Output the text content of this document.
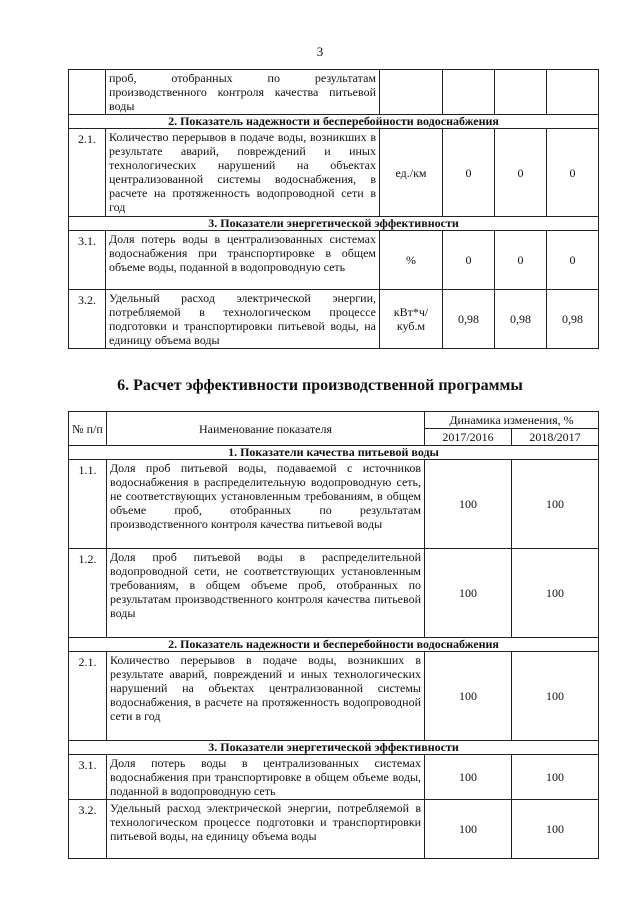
3
	проб, отобранных по результатам производственного контроля качества питьевой воды				
2. Показатель надежности и бесперебойности водоснабжения					
2.1.	Количество перерывов в подаче воды, возникших в результате аварий, повреждений и иных технологических нарушений на объектах централизованной системы водоснабжения, в расчете на протяженность водопроводной сети в год	ед./км	0	0	0
3. Показатели энергетической эффективности					
3.1.	Доля потерь воды в централизованных системах водоснабжения при транспортировке в общем объеме воды, поданной в водопроводную сеть	%	0	0	0
3.2.	Удельный расход электрической энергии, потребляемой в технологическом процессе подготовки и транспортировки питьевой воды, на единицу объема воды	кВт*ч/ куб.м	0,98	0,98	0,98
6. Расчет эффективности производственной программы
№ п/п	Наименование показателя	Динамика изменения, %	
		2017/2016	2018/2017
1. Показатели качества питьевой воды			
1.1.	Доля проб питьевой воды, подаваемой с источников водоснабжения в распределительную водопроводную сеть, не соответствующих установленным требованиям, в общем объеме проб, отобранных по результатам производственного контроля качества питьевой воды	100	100
1.2.	Доля проб питьевой воды в распределительной водопроводной сети, не соответствующих установленным требованиям, в общем объеме проб, отобранных по результатам производственного контроля качества питьевой воды	100	100
2. Показатель надежности и бесперебойности водоснабжения			
2.1.	Количество перерывов в подаче воды, возникших в результате аварий, повреждений и иных технологических нарушений на объектах централизованной системы водоснабжения, в расчете на протяженность водопроводной сети в год	100	100
3. Показатели энергетической эффективности			
3.1.	Доля потерь воды в централизованных системах водоснабжения при транспортировке в общем объеме воды, поданной в водопроводную сеть	100	100
3.2.	Удельный расход электрической энергии, потребляемой в технологическом процессе подготовки и транспортировки питьевой воды, на единицу объема воды	100	100
